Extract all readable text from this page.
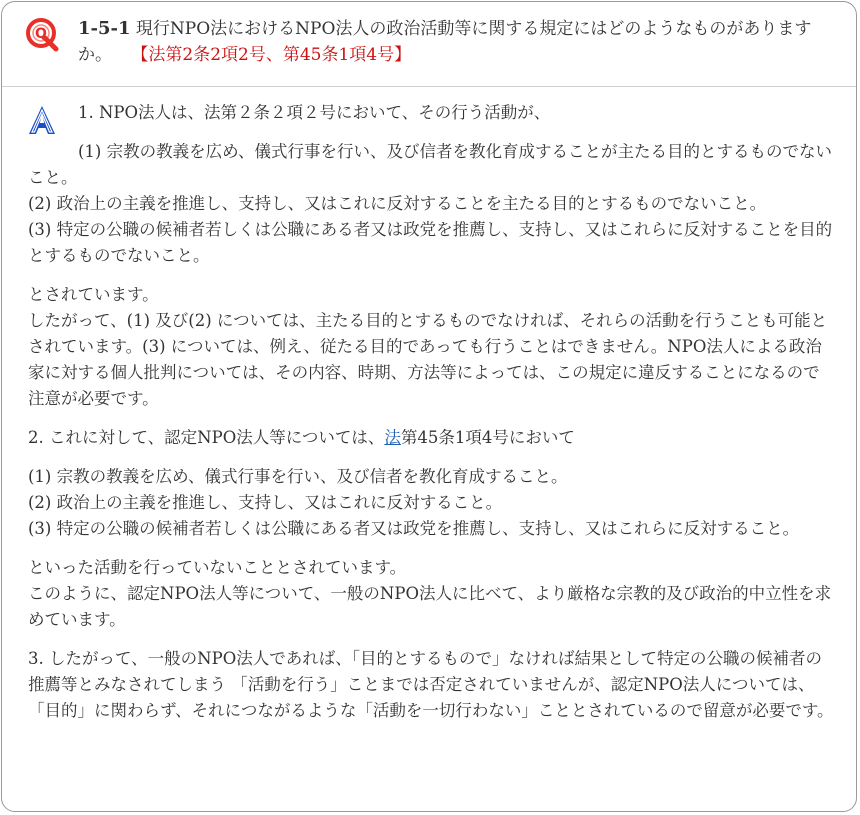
Q 1-5-1 現行NPO法におけるNPO法人の政治活動等に関する規定にはどのようなものがありますか。 【法第2条2項2号、第45条1項4号】

1. NPO法人は、法第２条２項２号において、その行う活動が、

(1) 宗教の教義を広め、儀式行事を行い、及び信者を教化育成することが主たる目的とするものでないこと。

(2) 政治上の主義を推進し、支持し、又はこれに反対することを主たる目的とするものでないこと。

(3) 特定の公職の候補者若しくは公職にある者又は政党を推薦し、支持し、又はこれらに反対することを目的とするものでないこと。

とされています。

したがって、(1) 及び(2) については、主たる目的とするものでなければ、それらの活動を行うことも可能とされています。(3) については、例え、従たる目的であっても行うことはできません。NPO法人による政治家に対する個人批判については、その内容、時期、方法等によっては、この規定に違反することになるので注意が必要です。

2. これに対して、認定NPO法人等については、法第45条1項4号において

(1) 宗教の教義を広め、儀式行事を行い、及び信者を教化育成すること。

(2) 政治上の主義を推進し、支持し、又はこれに反対すること。

(3) 特定の公職の候補者若しくは公職にある者又は政党を推薦し、支持し、又はこれらに反対すること。

といった活動を行っていないこととされています。

このように、認定NPO法人等について、一般のNPO法人に比べて、より厳格な宗教的及び政治的中立性を求めています。

3. したがって、一般のNPO法人であれば、「目的とするもので」なければ結果として特定の公職の候補者の推薦等とみなされてしまう 「活動を行う」ことまでは否定されていませんが、認定NPO法人については、「目的」に関わらず、それにつながるような「活動を一切行わない」こととされているので留意が必要です。
